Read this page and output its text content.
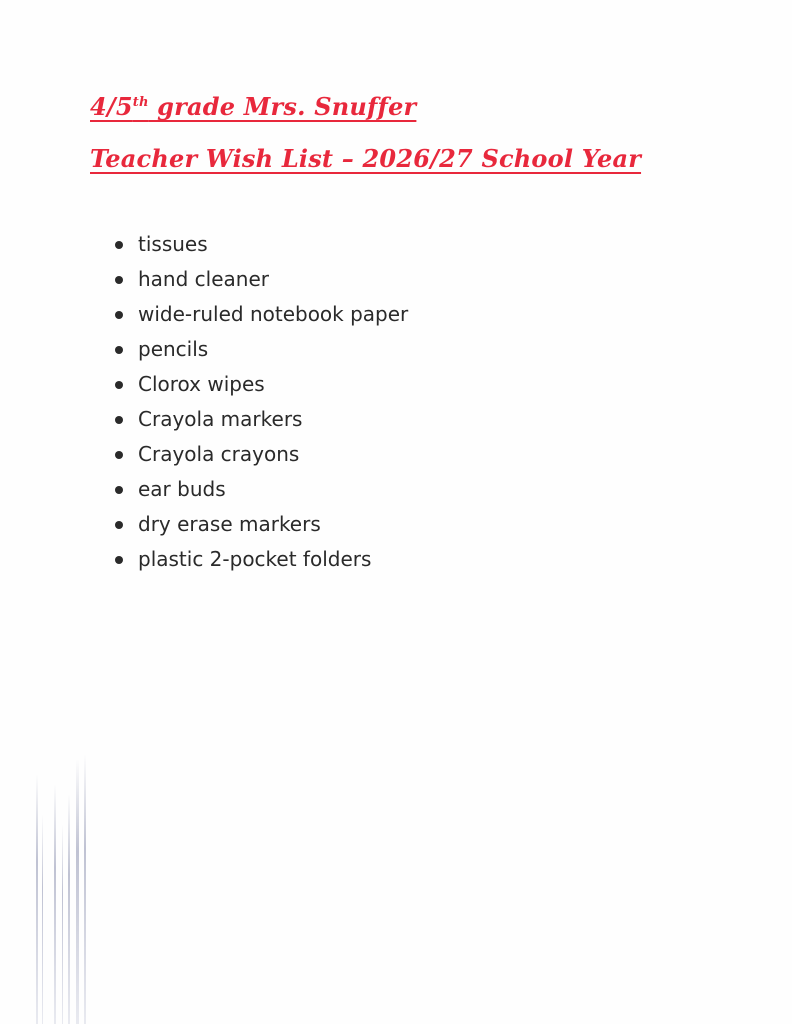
4/5th grade Mrs. Snuffer
Teacher Wish List – 2026/27 School Year
tissues
hand cleaner
wide-ruled notebook paper
pencils
Clorox wipes
Crayola markers
Crayola crayons
ear buds
dry erase markers
plastic 2-pocket folders
